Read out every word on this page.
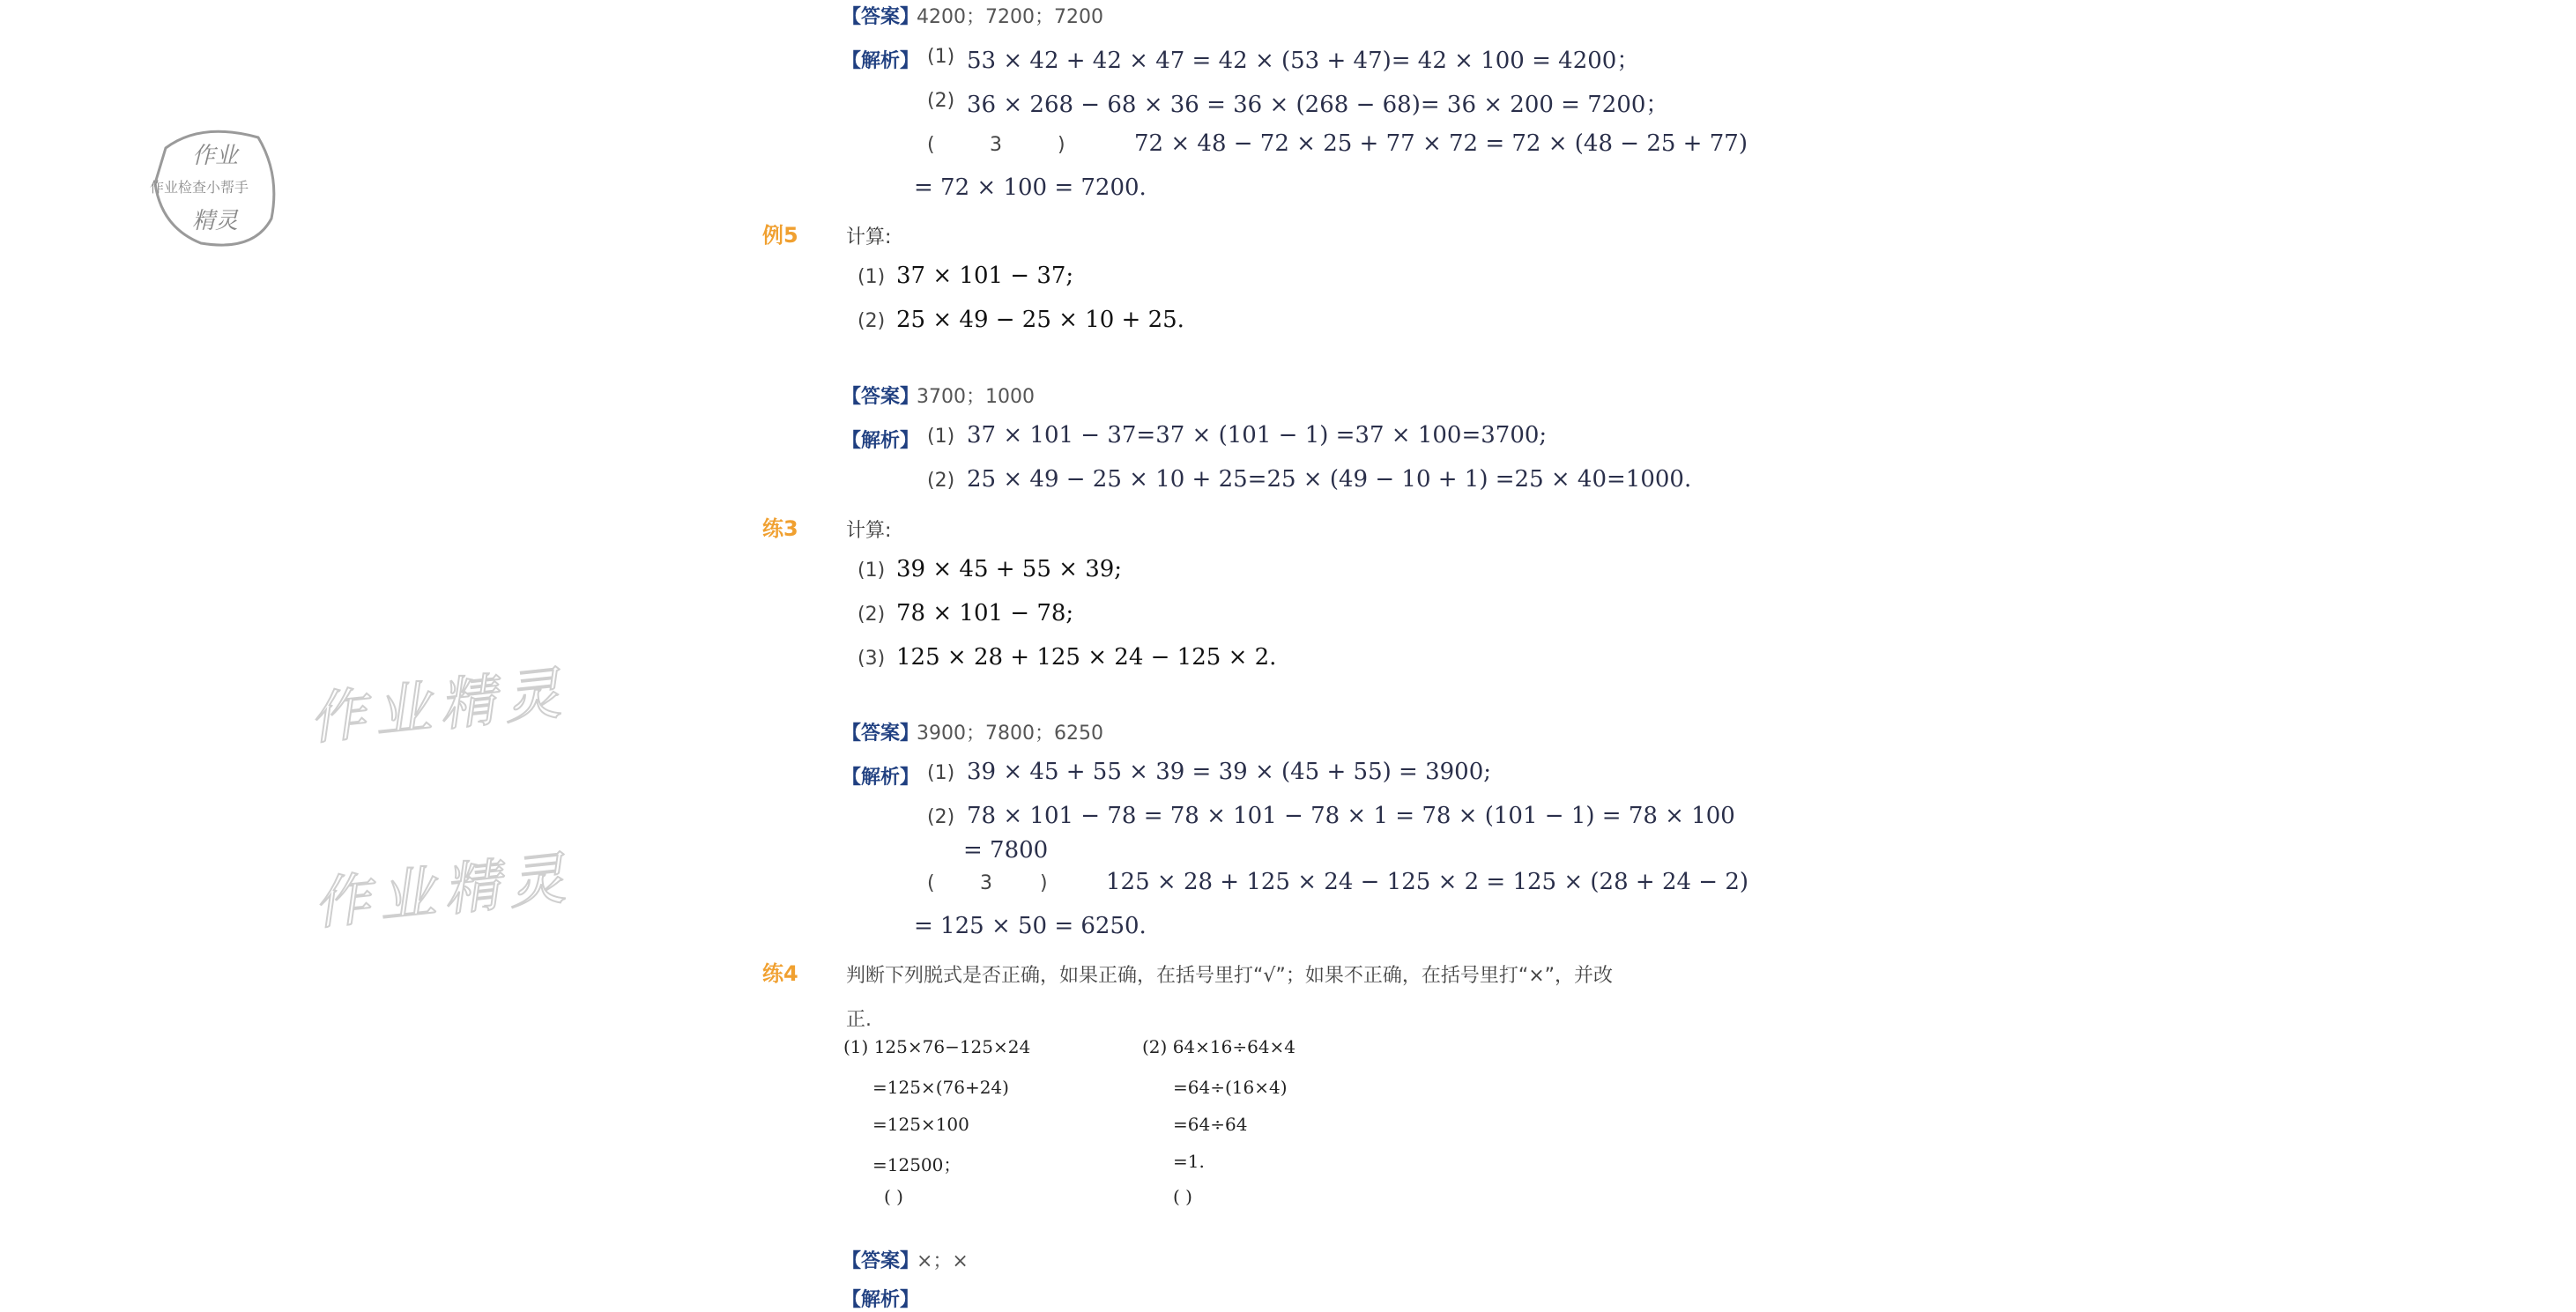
作业
作业检查小帮手
精灵
作业精灵
作业精灵
【答案】
4200；7200；7200
【解析】 (1) 53 × 42 + 42 × 47 = 42 × (53 + 47)= 42 × 100 = 4200；
(2) 36 × 268 − 68 × 36 = 36 × (268 − 68)= 36 × 200 = 7200；
(	3	)	72 × 48 − 72 × 25 + 77 × 72 = 72 × (48 − 25 + 77)
= 72 × 100 = 7200.
例5 计算:
(1) 37 × 101 − 37;
(2) 25 × 49 − 25 × 10 + 25.
【答案】
3700；1000
【解析】 (1) 37 × 101 − 37=37 × (101 − 1) =37 × 100=3700;
(2) 25 × 49 − 25 × 10 + 25=25 × (49 − 10 + 1) =25 × 40=1000.
练3 计算:
(1) 39 × 45 + 55 × 39;
(2) 78 × 101 − 78;
(3) 125 × 28 + 125 × 24 − 125 × 2.
【答案】
3900；7800；6250
【解析】 (1) 39 × 45 + 55 × 39 = 39 × (45 + 55) = 3900;
(2) 78 × 101 − 78 = 78 × 101 − 78 × 1 = 78 × (101 − 1) = 78 × 100
= 7800
( 3 )	125 × 28 + 125 × 24 − 125 × 2 = 125 × (28 + 24 − 2)
= 125 × 50 = 6250.
练4 判断下列脱式是否正确，如果正确，在括号里打“√”；如果不正确，在括号里打“×”，并改
正.
(1) 125×76−125×24
=125×(76+24)
=125×100
=12500；
( )
(2) 64×16÷64×4
=64÷(16×4)
=64÷64
=1.
( )
【答案】
×；×
【解析】
